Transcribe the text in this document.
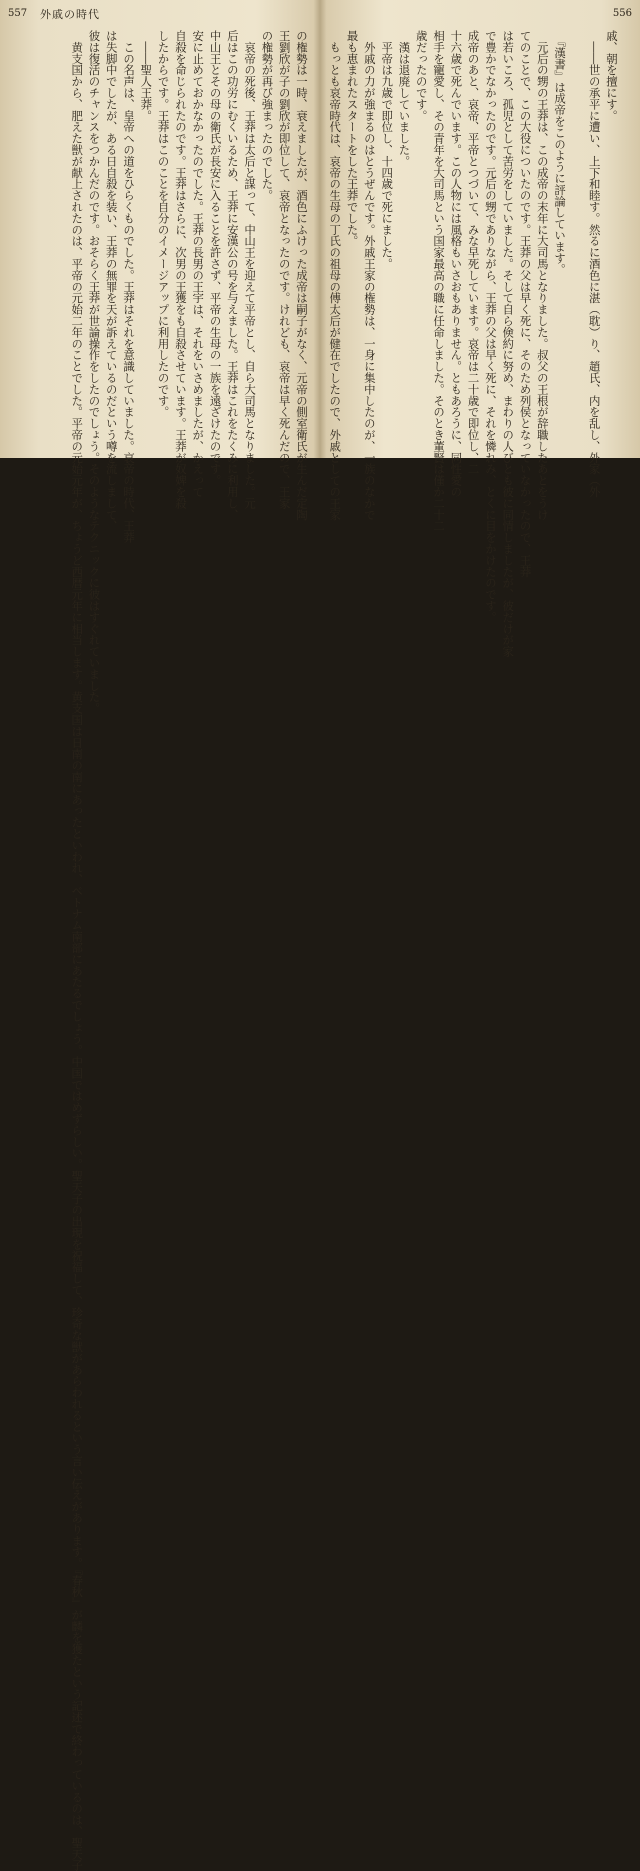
557 外戚の時代
の権勢は一時、衰えましたが、酒色にふけった成帝は嗣子がなく、元帝の側室衛氏が生んだ定陶
王劉欣が子の劉欣が即位して、哀帝となったのです。けれども、哀帝は早く死んだので、王家
の権勢が再び強まったのでした。
　哀帝の死後、王莽は太后と謀って、中山王を迎えて平帝とし、自ら大司馬となりました。元
后はこの功労にむくいるため、王莽に安漢公の号を与えました。王莽はこれをたくみに利用し、
中山王とその母の衛氏が長安に入ることを許さず、平帝の生母の一族を遠ざけたのです。
安に止めておかなかったのでした。王莽の長男の王宇は、それをいさめましたが、かえって
自殺を命じられたのです。王莽はさらに、次男の王獲をも自殺させています。王莽が奴婢を殺
したからです。王莽はこのことを自分のイメージアップに利用したのです。
　――聖人王莽。
　この名声は、皇帝への道をひらくものでした。王莽はそれを意識していました。哀帝の時代、王莽
は失脚中でしたが、ある日自殺を装い、王莽の無罪を天が訴えているのだという噂を流しまして、
彼は復活のチャンスをつかんだのです。おそらく王莽が世論操作をしたのでしょう。そのようなテクニックに彼はすぐれていました。
　黄支国から、肥えた獣が献上されたのは、平帝の元始二年のことでした。平帝の元始元年が、ちょうど西暦元年に相当します。黄支国は日南の南にあったといわれ、ベトナム南部にあたるでしょう。中国ではめずらしい。聖天子の出現を祝福して、珍奇な獣があらわれるという言い伝えがあります。『春秋』が麟を獲たという記述で終わっているのは、聖天子
556
戚、朝を擅にす。
　――世の承平に遭い、上下和睦す。然るに酒色に湛（耽）り、趙氏、内を乱し、外家（外

　『漢書』は成帝をこのように評論しています。
　元后の甥の王莽は、この成帝の末年に大司馬となりました。叔父の王根が辞職したあとをうけ
てのことで、この大役についたのです。王莽の父は早く死に、そのため列侯となっていなかったので、王莽
は若いころ、孤児として苦労をしていました。そして自ら倹約に努め、まわりの人びとも彼に同情しましたが、彼だけが家
で豊かでなかったのです。元后の甥でありながら、王莽の父は早く死に、それを憐れみ、とくに目をかけたのです。
成帝のあと、哀帝、平帝とつづいて、みな早死しています。哀帝は二十歳で即位し、二
十六歳で死んでいます。この人物には風格もいさおもありません。ともあろうに、同性愛の
相手を寵愛し、その青年を大司馬という国家最高の職に任命しました。そのとき董賢は僅か二十二
歳だったのです。
　漢は退廃していました。
　平帝は九歳で即位し、十四歳で死にました。
　外戚の力が強まるのはとうぜんです。外戚王家の権勢は、一身に集中したのが、一族のなかで
最も恵まれたスタートをした王莽でした。
　もっとも哀帝時代は、哀帝の生母の丁氏の祖母の傅太后が健在でしたので、外戚としての王家
